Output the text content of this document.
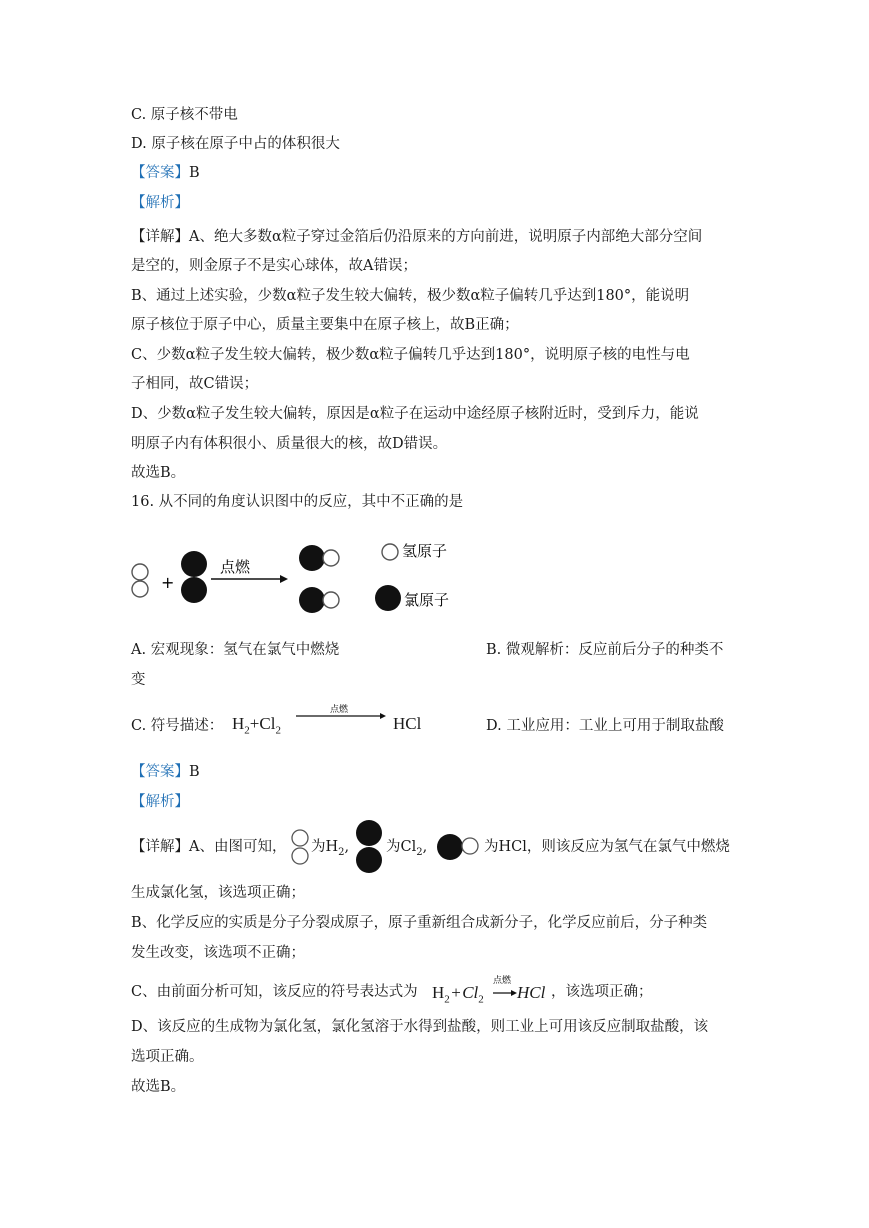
C. 原子核不带电
D. 原子核在原子中占的体积很大
【答案】B
【解析】
【详解】A、绝大多数α粒子穿过金箔后仍沿原来的方向前进，说明原子内部绝大部分空间
是空的，则金原子不是实心球体，故A错误；
B、通过上述实验，少数α粒子发生较大偏转，极少数α粒子偏转几乎达到180°，能说明
原子核位于原子中心，质量主要集中在原子核上，故B正确；
C、少数α粒子发生较大偏转，极少数α粒子偏转几乎达到180°，说明原子核的电性与电
子相同，故C错误；
D、少数α粒子发生较大偏转，原因是α粒子在运动中途经原子核附近时，受到斥力，能说
明原子内有体积很小、质量很大的核，故D错误。
故选B。
16. 从不同的角度认识图中的反应，其中不正确的是
+
点燃
氢原子
氯原子
A. 宏观现象：氢气在氯气中燃烧	B. 微观解析：反应前后分子的种类不
变
C. 符号描述： $H_2+Cl_2$
点燃
HCl	D. 工业应用：工业上可用于制取盐酸
【答案】B
【解析】
【详解】A、由图可知， 为$H_2$,	为$Cl_2$,	为HCl，则该反应为氢气在氯气中燃烧
生成氯化氢，该选项正确；
B、化学反应的实质是分子分裂成原子，原子重新组合成新分子，化学反应前后，分子种类
发生改变，该选项不正确；
C、由前面分析可知，该反应的符号表达式为 $H_2$ + $Cl_2$
点燃
HCl ，该选项正确；
D、该反应的生成物为氯化氢，氯化氢溶于水得到盐酸，则工业上可用该反应制取盐酸，该
选项正确。
故选B。
